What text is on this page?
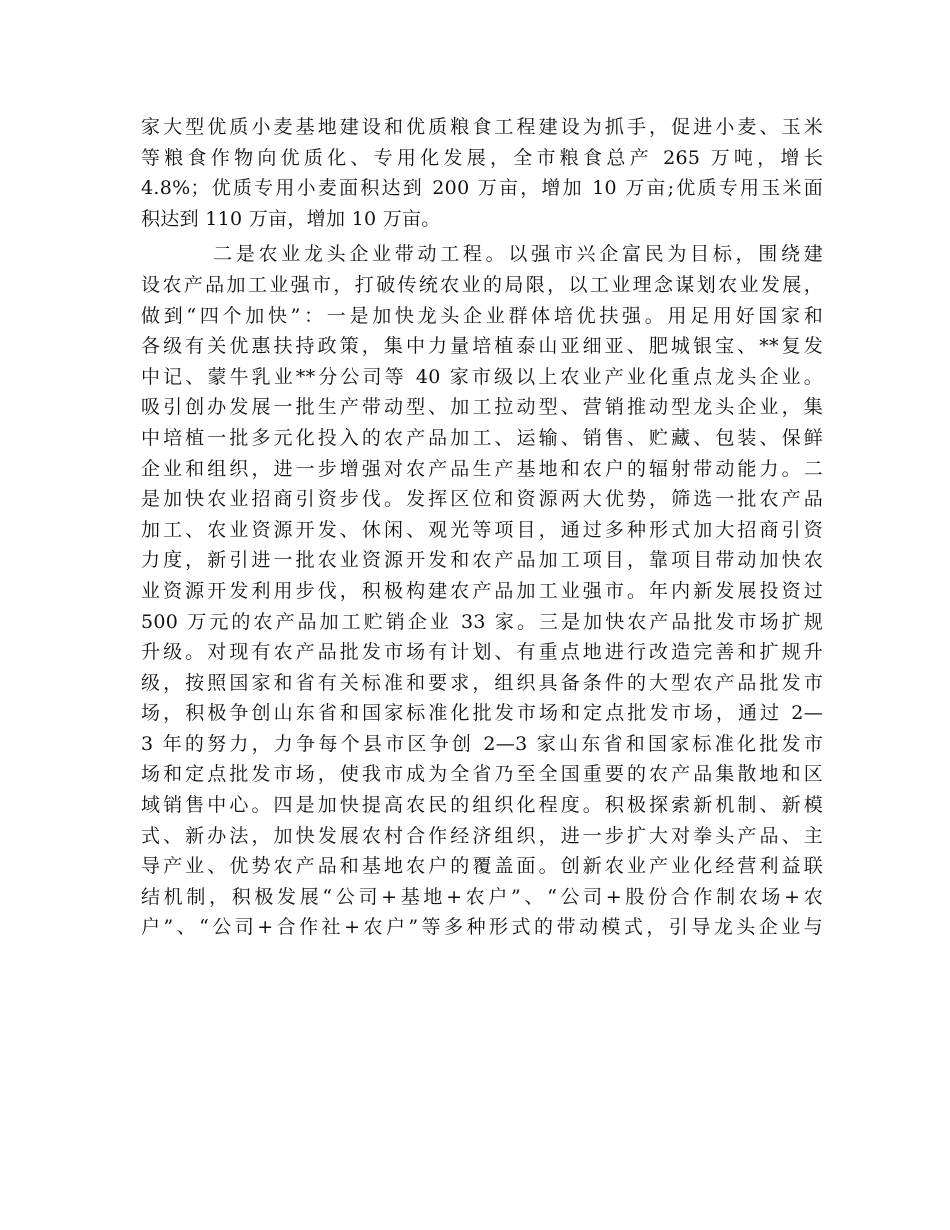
家大型优质小麦基地建设和优质粮食工程建设为抓手，促进小麦、玉米
等粮食作物向优质化、专用化发展，全市粮食总产 265 万吨，增长
4.8%；优质专用小麦面积达到 200 万亩，增加 10 万亩;优质专用玉米面
积达到 110 万亩，增加 10 万亩。
二是农业龙头企业带动工程。以强市兴企富民为目标，围绕建
设农产品加工业强市，打破传统农业的局限，以工业理念谋划农业发展，
做到“四个加快”：一是加快龙头企业群体培优扶强。用足用好国家和
各级有关优惠扶持政策，集中力量培植泰山亚细亚、肥城银宝、**复发
中记、蒙牛乳业**分公司等 40 家市级以上农业产业化重点龙头企业。
吸引创办发展一批生产带动型、加工拉动型、营销推动型龙头企业，集
中培植一批多元化投入的农产品加工、运输、销售、贮藏、包装、保鲜
企业和组织，进一步增强对农产品生产基地和农户的辐射带动能力。二
是加快农业招商引资步伐。发挥区位和资源两大优势，筛选一批农产品
加工、农业资源开发、休闲、观光等项目，通过多种形式加大招商引资
力度，新引进一批农业资源开发和农产品加工项目，靠项目带动加快农
业资源开发利用步伐，积极构建农产品加工业强市。年内新发展投资过
500 万元的农产品加工贮销企业 33 家。三是加快农产品批发市场扩规
升级。对现有农产品批发市场有计划、有重点地进行改造完善和扩规升
级，按照国家和省有关标准和要求，组织具备条件的大型农产品批发市
场，积极争创山东省和国家标准化批发市场和定点批发市场，通过 2—
3 年的努力，力争每个县市区争创 2—3 家山东省和国家标准化批发市
场和定点批发市场，使我市成为全省乃至全国重要的农产品集散地和区
域销售中心。四是加快提高农民的组织化程度。积极探索新机制、新模
式、新办法，加快发展农村合作经济组织，进一步扩大对拳头产品、主
导产业、优势农产品和基地农户的覆盖面。创新农业产业化经营利益联
结机制，积极发展“公司+基地+农户”、“公司+股份合作制农场+农
户”、“公司+合作社+农户”等多种形式的带动模式，引导龙头企业与
